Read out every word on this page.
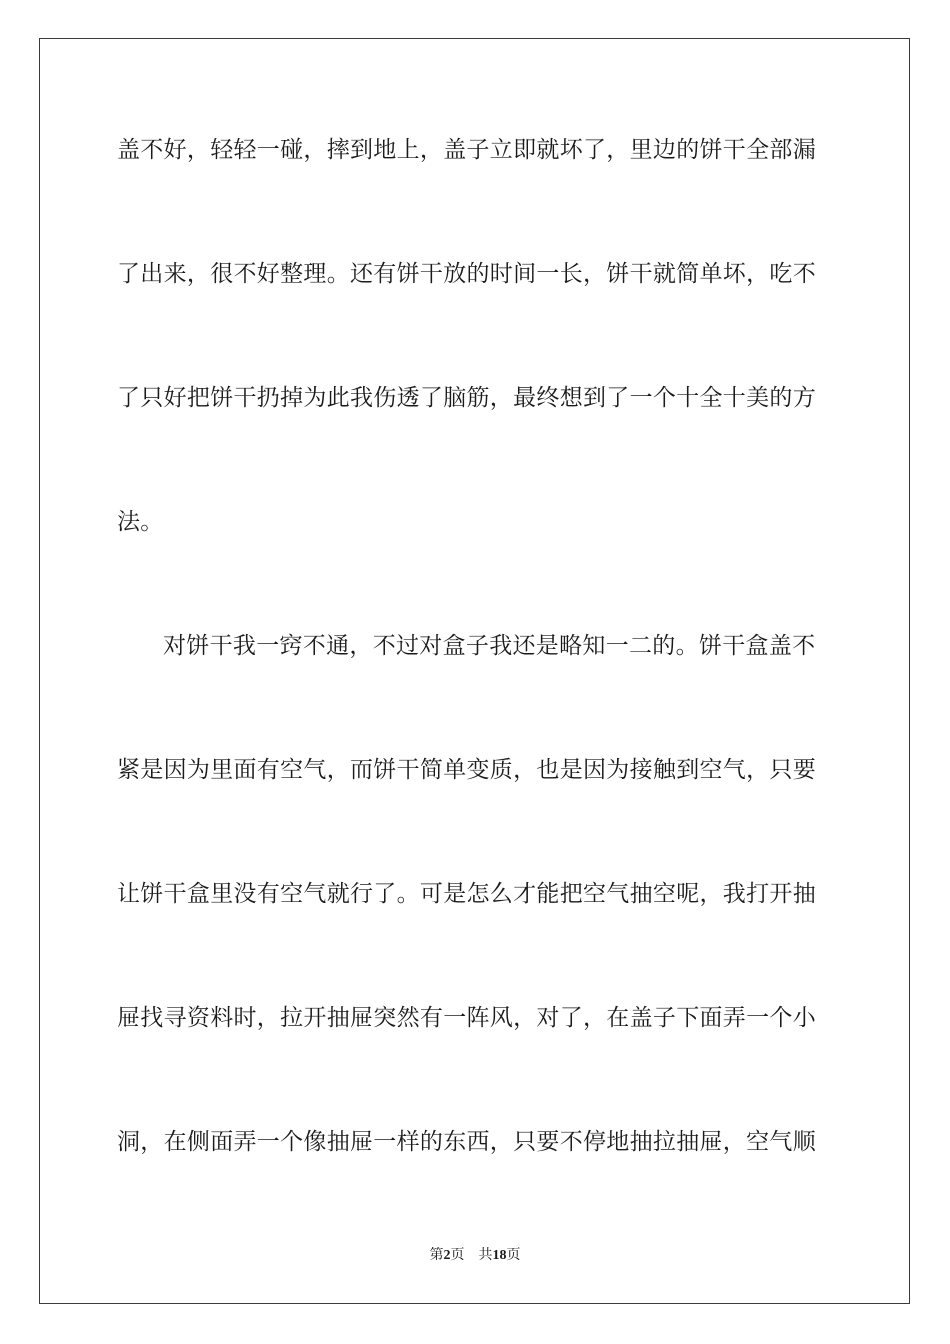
盖不好，轻轻一碰，摔到地上，盖子立即就坏了，里边的饼干全部漏
了出来，很不好整理。还有饼干放的时间一长，饼干就简单坏，吃不
了只好把饼干扔掉为此我伤透了脑筋，最终想到了一个十全十美的方
法。
对饼干我一窍不通，不过对盒子我还是略知一二的。饼干盒盖不
紧是因为里面有空气，而饼干简单变质，也是因为接触到空气，只要
让饼干盒里没有空气就行了。可是怎么才能把空气抽空呢，我打开抽
屉找寻资料时，拉开抽屉突然有一阵风，对了，在盖子下面弄一个小
洞，在侧面弄一个像抽屉一样的东西，只要不停地抽拉抽屉，空气顺
第2页 共18页
